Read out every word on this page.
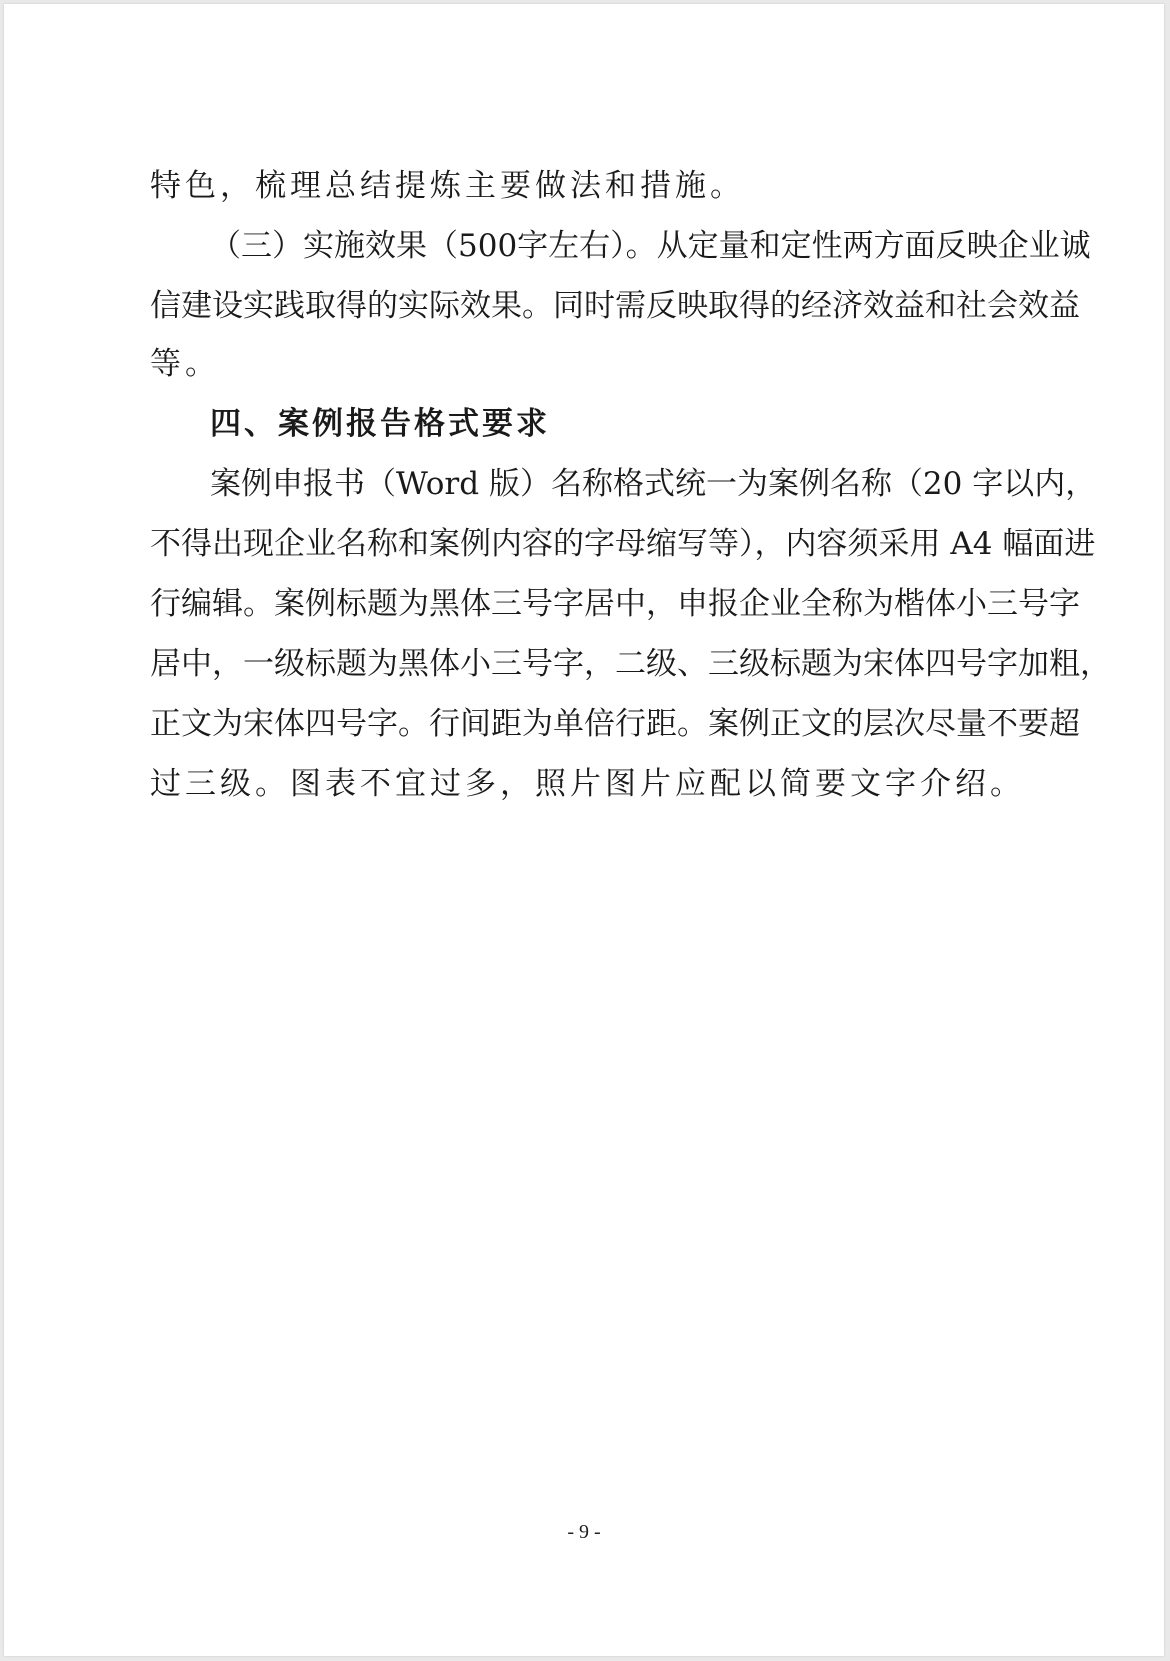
特色，梳理总结提炼主要做法和措施。
（三）实施效果（500字左右）。从定量和定性两方面反映企业诚
信建设实践取得的实际效果。同时需反映取得的经济效益和社会效益
等。
四、案例报告格式要求
案例申报书（Word 版）名称格式统一为案例名称（20 字以内，
不得出现企业名称和案例内容的字母缩写等），内容须采用 A4 幅面进
行编辑。案例标题为黑体三号字居中，申报企业全称为楷体小三号字
居中，一级标题为黑体小三号字，二级、三级标题为宋体四号字加粗，
正文为宋体四号字。行间距为单倍行距。案例正文的层次尽量不要超
过三级。图表不宜过多，照片图片应配以简要文字介绍。
- 9 -
